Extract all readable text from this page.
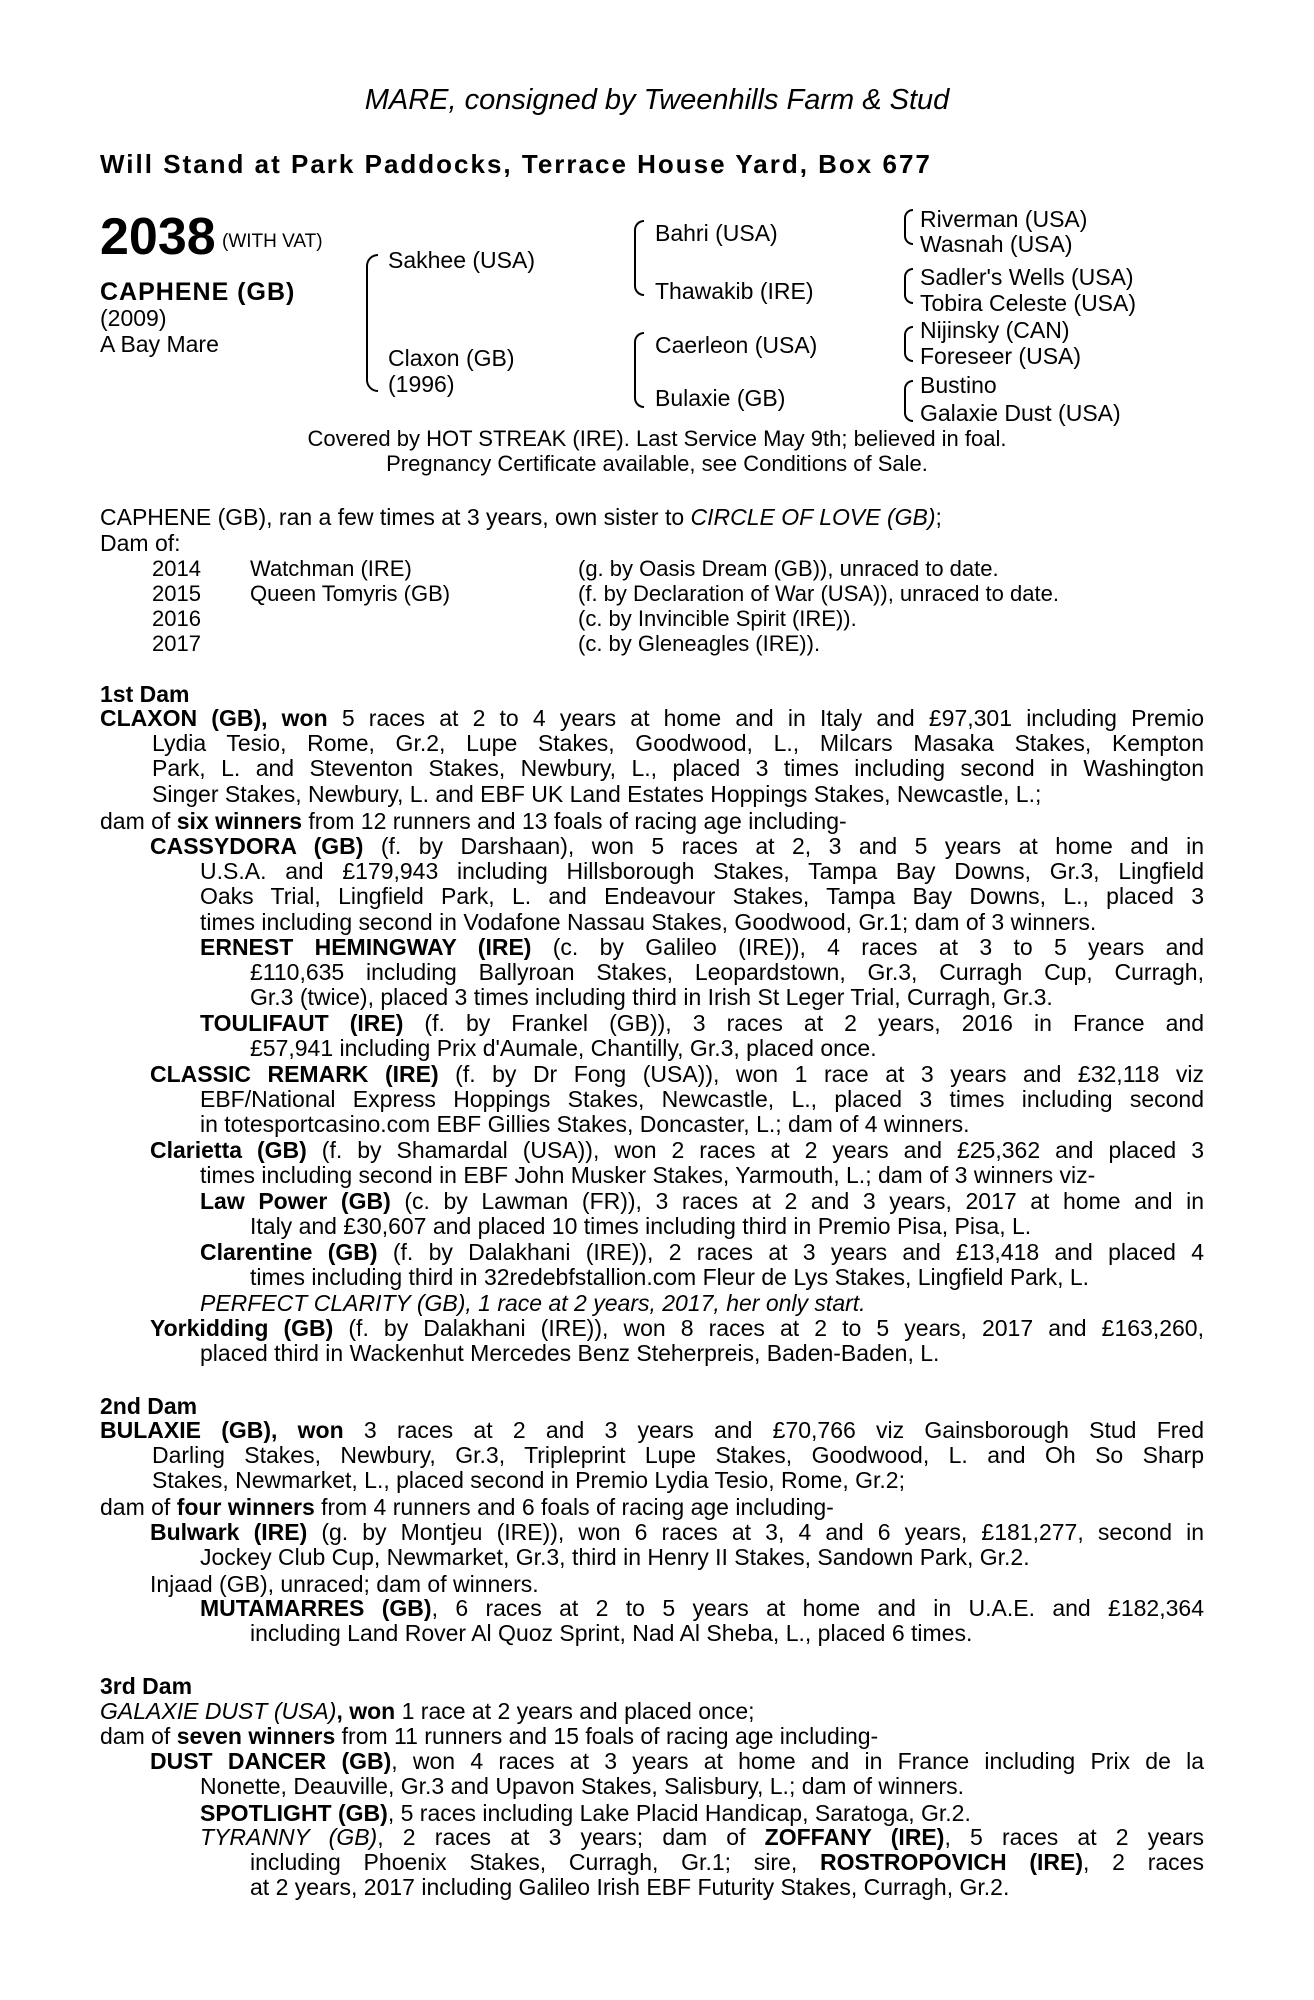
MARE, consigned by Tweenhills Farm & Stud
Will Stand at Park Paddocks, Terrace House Yard, Box 677
2038 (WITH VAT)
CAPHENE (GB)
(2009)
A Bay Mare
Sakhee (USA)
Claxon (GB)
(1996)
Bahri (USA)
Thawakib (IRE)
Caerleon (USA)
Bulaxie (GB)
Riverman (USA)
Wasnah (USA)
Sadler's Wells (USA)
Tobira Celeste (USA)
Nijinsky (CAN)
Foreseer (USA)
Bustino
Galaxie Dust (USA)
Covered by HOT STREAK (IRE). Last Service May 9th; believed in foal.
Pregnancy Certificate available, see Conditions of Sale.
CAPHENE (GB), ran a few times at 3 years, own sister to CIRCLE OF LOVE (GB);
Dam of:
2014 Watchman (IRE)	(g. by Oasis Dream (GB)), unraced to date.
2015 Queen Tomyris (GB)	(f. by Declaration of War (USA)), unraced to date.
2016	(c. by Invincible Spirit (IRE)).
2017	(c. by Gleneagles (IRE)).
1st Dam
CLAXON (GB), won 5 races at 2 to 4 years at home and in Italy and £97,301 including Premio
Lydia Tesio, Rome, Gr.2, Lupe Stakes, Goodwood, L., Milcars Masaka Stakes, Kempton
Park, L. and Steventon Stakes, Newbury, L., placed 3 times including second in Washington
Singer Stakes, Newbury, L. and EBF UK Land Estates Hoppings Stakes, Newcastle, L.;
dam of six winners from 12 runners and 13 foals of racing age including-
CASSYDORA (GB) (f. by Darshaan), won 5 races at 2, 3 and 5 years at home and in
U.S.A. and £179,943 including Hillsborough Stakes, Tampa Bay Downs, Gr.3, Lingfield
Oaks Trial, Lingfield Park, L. and Endeavour Stakes, Tampa Bay Downs, L., placed 3
times including second in Vodafone Nassau Stakes, Goodwood, Gr.1; dam of 3 winners.
ERNEST HEMINGWAY (IRE) (c. by Galileo (IRE)), 4 races at 3 to 5 years and
£110,635 including Ballyroan Stakes, Leopardstown, Gr.3, Curragh Cup, Curragh,
Gr.3 (twice), placed 3 times including third in Irish St Leger Trial, Curragh, Gr.3.
TOULIFAUT (IRE) (f. by Frankel (GB)), 3 races at 2 years, 2016 in France and
£57,941 including Prix d'Aumale, Chantilly, Gr.3, placed once.
CLASSIC REMARK (IRE) (f. by Dr Fong (USA)), won 1 race at 3 years and £32,118 viz
EBF/National Express Hoppings Stakes, Newcastle, L., placed 3 times including second
in totesportcasino.com EBF Gillies Stakes, Doncaster, L.; dam of 4 winners.
Clarietta (GB) (f. by Shamardal (USA)), won 2 races at 2 years and £25,362 and placed 3
times including second in EBF John Musker Stakes, Yarmouth, L.; dam of 3 winners viz-
Law Power (GB) (c. by Lawman (FR)), 3 races at 2 and 3 years, 2017 at home and in
Italy and £30,607 and placed 10 times including third in Premio Pisa, Pisa, L.
Clarentine (GB) (f. by Dalakhani (IRE)), 2 races at 3 years and £13,418 and placed 4
times including third in 32redebfstallion.com Fleur de Lys Stakes, Lingfield Park, L.
PERFECT CLARITY (GB), 1 race at 2 years, 2017, her only start.
Yorkidding (GB) (f. by Dalakhani (IRE)), won 8 races at 2 to 5 years, 2017 and £163,260,
placed third in Wackenhut Mercedes Benz Steherpreis, Baden-Baden, L.
2nd Dam
BULAXIE (GB), won 3 races at 2 and 3 years and £70,766 viz Gainsborough Stud Fred
Darling Stakes, Newbury, Gr.3, Tripleprint Lupe Stakes, Goodwood, L. and Oh So Sharp
Stakes, Newmarket, L., placed second in Premio Lydia Tesio, Rome, Gr.2;
dam of four winners from 4 runners and 6 foals of racing age including-
Bulwark (IRE) (g. by Montjeu (IRE)), won 6 races at 3, 4 and 6 years, £181,277, second in
Jockey Club Cup, Newmarket, Gr.3, third in Henry II Stakes, Sandown Park, Gr.2.
Injaad (GB), unraced; dam of winners.
MUTAMARRES (GB), 6 races at 2 to 5 years at home and in U.A.E. and £182,364
including Land Rover Al Quoz Sprint, Nad Al Sheba, L., placed 6 times.
3rd Dam
GALAXIE DUST (USA), won 1 race at 2 years and placed once;
dam of seven winners from 11 runners and 15 foals of racing age including-
DUST DANCER (GB), won 4 races at 3 years at home and in France including Prix de la
Nonette, Deauville, Gr.3 and Upavon Stakes, Salisbury, L.; dam of winners.
SPOTLIGHT (GB), 5 races including Lake Placid Handicap, Saratoga, Gr.2.
TYRANNY (GB), 2 races at 3 years; dam of ZOFFANY (IRE), 5 races at 2 years
including Phoenix Stakes, Curragh, Gr.1; sire, ROSTROPOVICH (IRE), 2 races
at 2 years, 2017 including Galileo Irish EBF Futurity Stakes, Curragh, Gr.2.
